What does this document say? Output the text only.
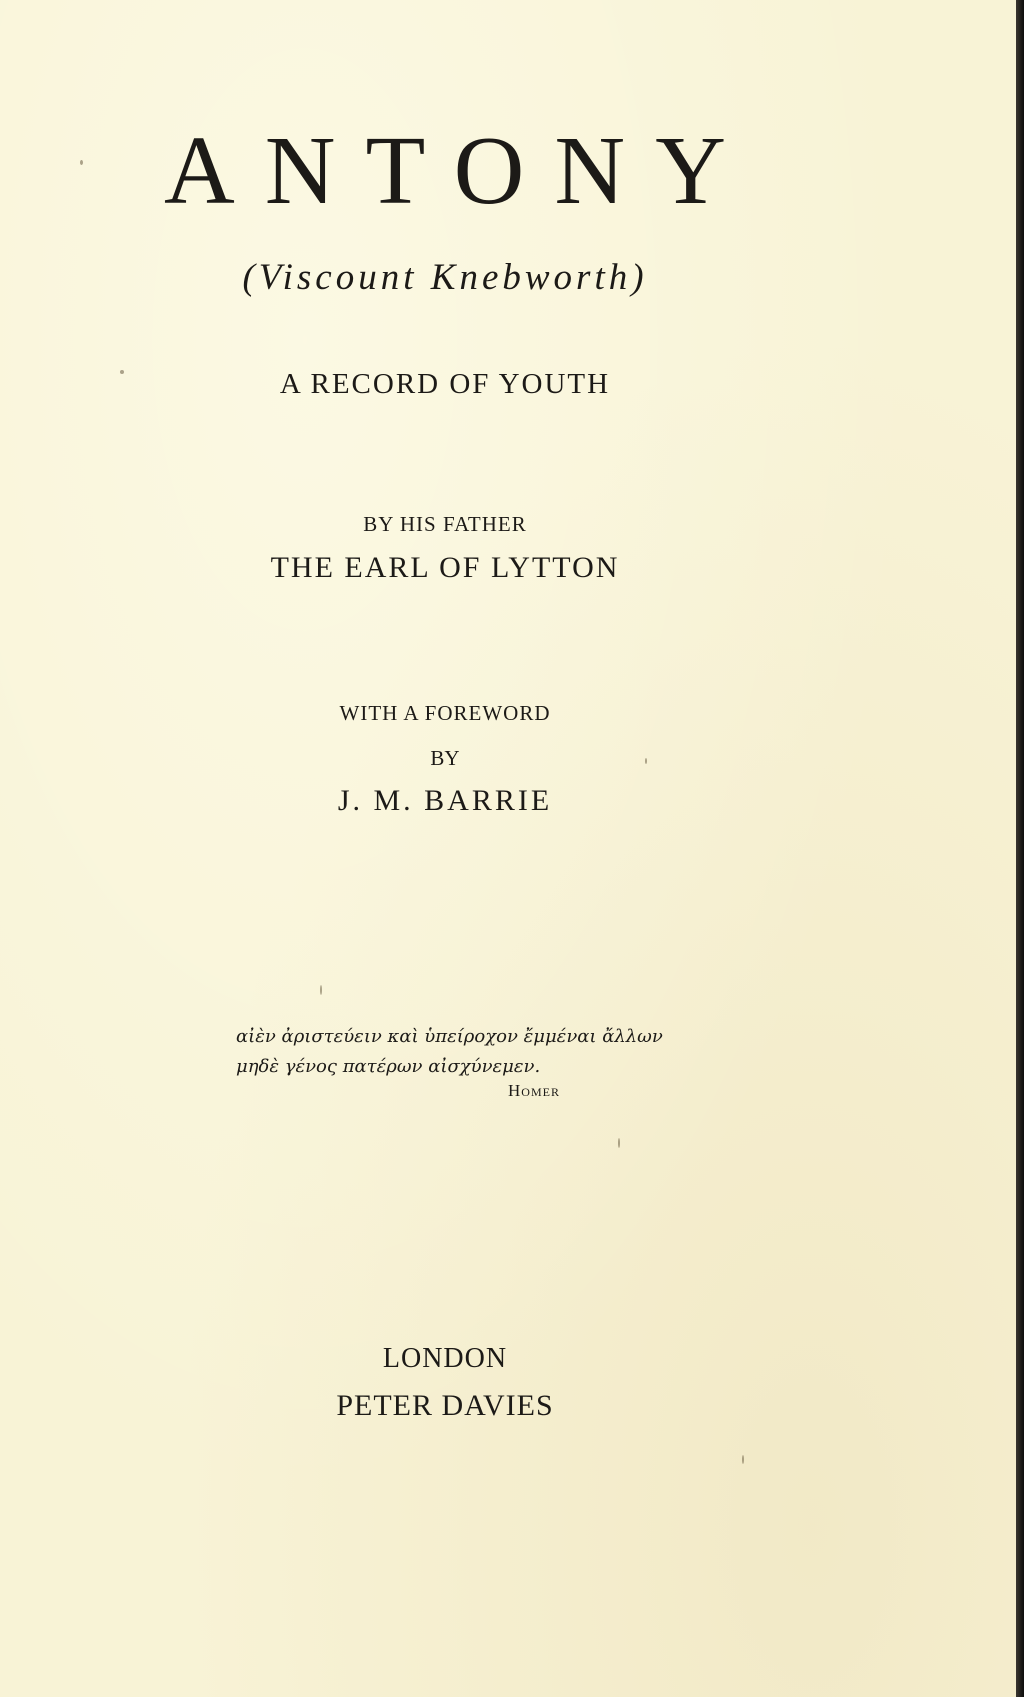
ANTONY
(Viscount Knebworth)
A RECORD OF YOUTH
BY HIS FATHER
THE EARL OF LYTTON
WITH A FOREWORD
BY
J. M. BARRIE
αἰὲν ἀριστεύειν καὶ ὑπείροχον ἔμμέναι ἄλλων
μηδὲ γένος πατέρων αἰσχύνεμεν.
Homer
LONDON
PETER DAVIES
